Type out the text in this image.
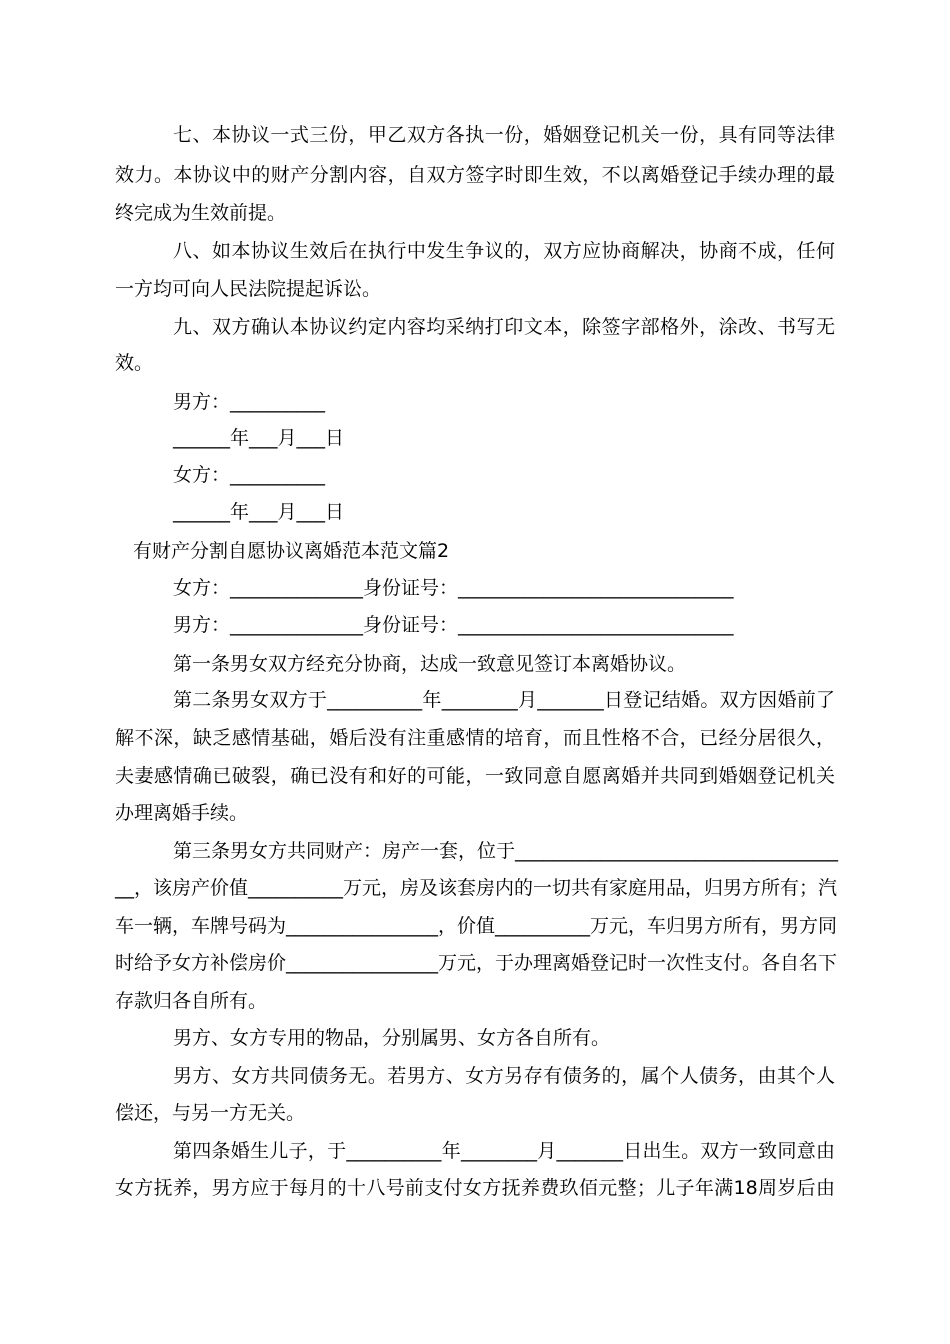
七、本协议一式三份，甲乙双方各执一份，婚姻登记机关一份，具有同等法律
效力。本协议中的财产分割内容，自双方签字时即生效，不以离婚登记手续办理的最
终完成为生效前提。
八、如本协议生效后在执行中发生争议的，双方应协商解决，协商不成，任何
一方均可向人民法院提起诉讼。
九、双方确认本协议约定内容均采纳打印文本，除签字部格外，涂改、书写无
效。
男方：__________
______年___月___日
女方：__________
______年___月___日
有财产分割自愿协议离婚范本范文篇2
女方：______________身份证号：_____________________________
男方：______________身份证号：_____________________________
第一条男女双方经充分协商，达成一致意见签订本离婚协议。
第二条男女双方于__________年________月_______日登记结婚。双方因婚前了
解不深，缺乏感情基础，婚后没有注重感情的培育，而且性格不合，已经分居很久，
夫妻感情确已破裂，确已没有和好的可能，一致同意自愿离婚并共同到婚姻登记机关
办理离婚手续。
第三条男女方共同财产：房产一套，位于__________________________________
__，该房产价值__________万元，房及该套房内的一切共有家庭用品，归男方所有；汽
车一辆，车牌号码为________________，价值__________万元，车归男方所有，男方同
时给予女方补偿房价________________万元，于办理离婚登记时一次性支付。各自名下
存款归各自所有。
男方、女方专用的物品，分别属男、女方各自所有。
男方、女方共同债务无。若男方、女方另存有债务的，属个人债务，由其个人
偿还，与另一方无关。
第四条婚生儿子，于__________年________月_______日出生。双方一致同意由
女方抚养，男方应于每月的十八号前支付女方抚养费玖佰元整；儿子年满18周岁后由
